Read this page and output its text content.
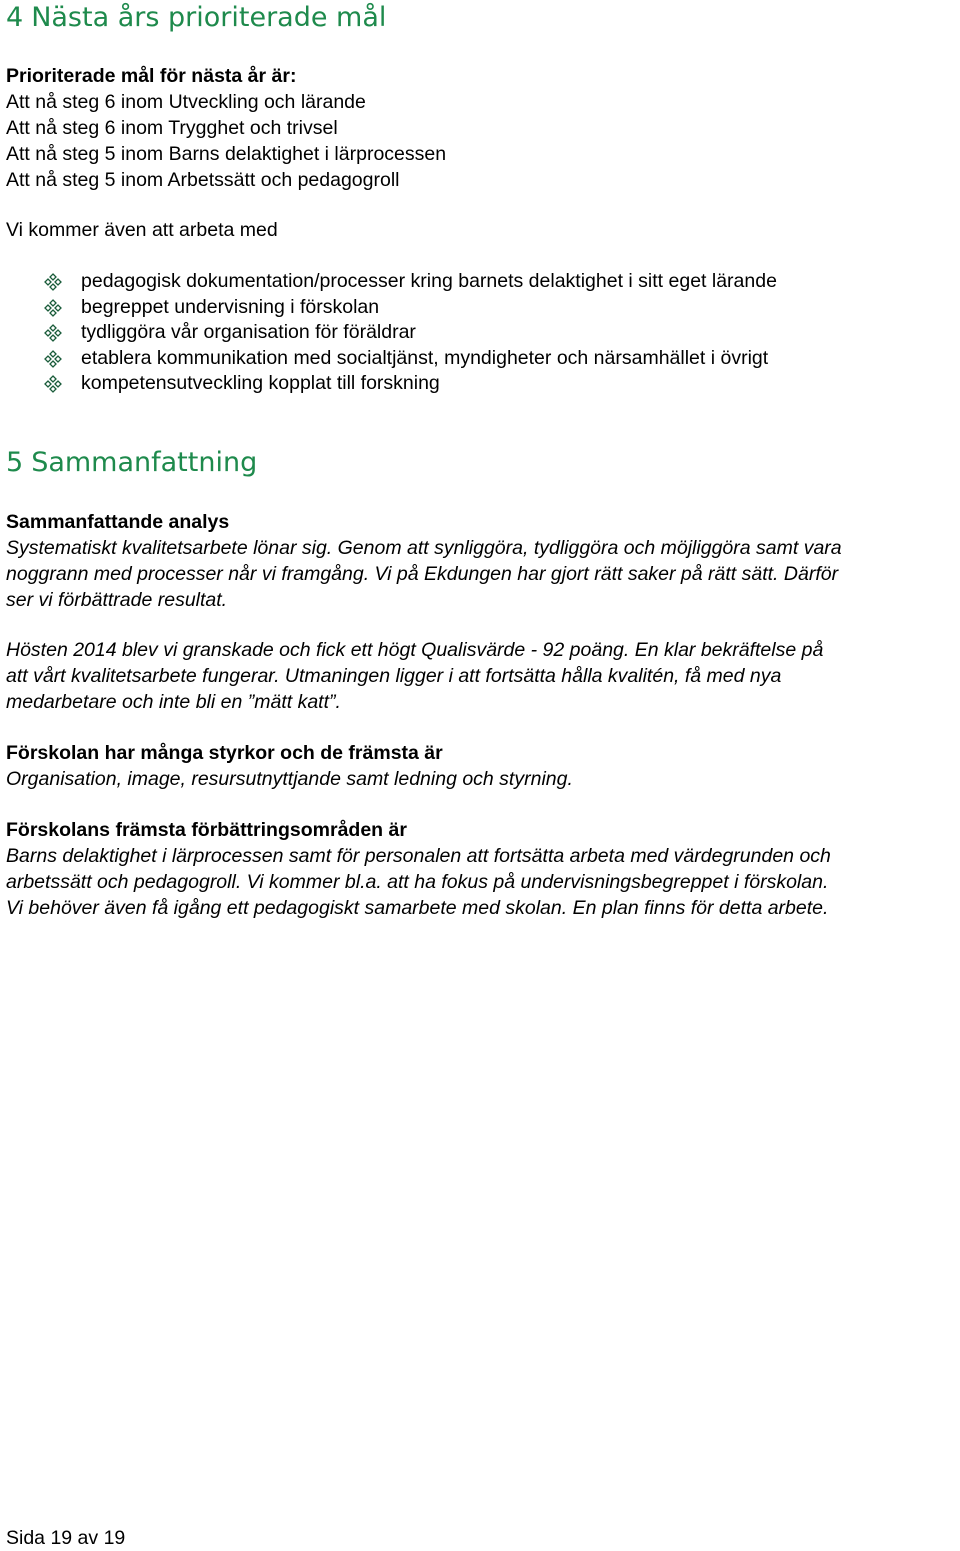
4 Nästa års prioriterade mål

Prioriterade mål för nästa år är:

Att nå steg 6 inom Utveckling och lärande

Att nå steg 6 inom Trygghet och trivsel

Att nå steg 5 inom Barns delaktighet i lärprocessen

Att nå steg 5 inom Arbetssätt och pedagogroll

Vi kommer även att arbeta med

pedagogisk dokumentation/processer kring barnets delaktighet i sitt eget lärande
begreppet undervisning i förskolan
tydliggöra vår organisation för föräldrar
etablera kommunikation med socialtjänst, myndigheter och närsamhället i övrigt
kompetensutveckling kopplat till forskning
5 Sammanfattning

Sammanfattande analys

Systematiskt kvalitetsarbete lönar sig. Genom att synliggöra, tydliggöra och möjliggöra samt vara

noggrann med processer når vi framgång. Vi på Ekdungen har gjort rätt saker på rätt sätt. Därför

ser vi förbättrade resultat.

Hösten 2014 blev vi granskade och fick ett högt Qualisvärde - 92 poäng. En klar bekräftelse på

att vårt kvalitetsarbete fungerar. Utmaningen ligger i att fortsätta hålla kvalitén, få med nya

medarbetare och inte bli en ”mätt katt”.

Förskolan har många styrkor och de främsta är

Organisation, image, resursutnyttjande samt ledning och styrning.

Förskolans främsta förbättringsområden är

Barns delaktighet i lärprocessen samt för personalen att fortsätta arbeta med värdegrunden och

arbetssätt och pedagogroll. Vi kommer bl.a. att ha fokus på undervisningsbegreppet i förskolan.

Vi behöver även få igång ett pedagogiskt samarbete med skolan. En plan finns för detta arbete.

Sida 19 av 19
